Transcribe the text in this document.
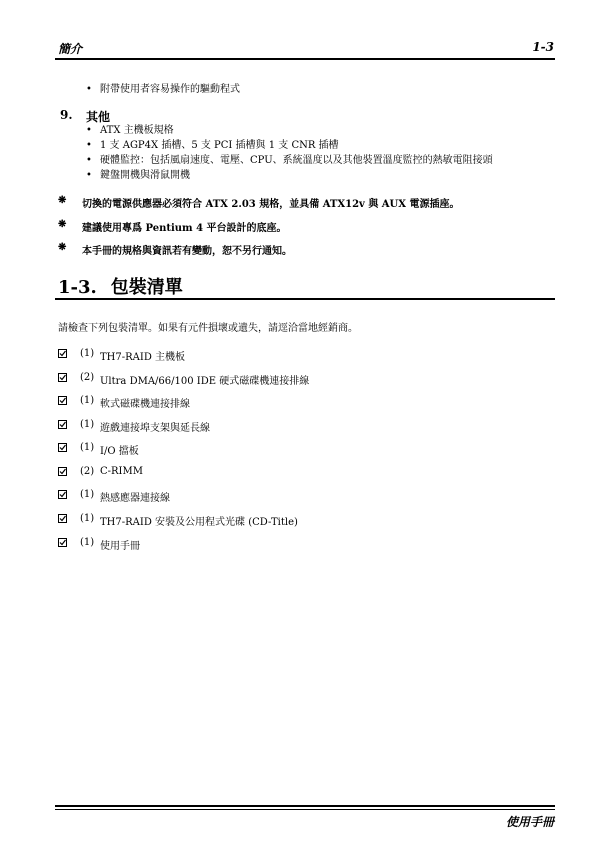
簡介	1-3
• 附帶使用者容易操作的驅動程式
9. 其他
• ATX 主機板規格
• 1 支 AGP4X 插槽、5 支 PCI 插槽與 1 支 CNR 插槽
• 硬體監控：包括風扇速度、電壓、CPU、系統溫度以及其他裝置溫度監控的熱敏電阻接頭
• 鍵盤開機與滑鼠開機
❋ 切換的電源供應器必須符合 ATX 2.03 規格，並具備 ATX12v 與 AUX 電源插座。
❋ 建議使用專爲 Pentium 4 平台設計的底座。
❋ 本手冊的規格與資訊若有變動，恕不另行通知。
1-3. 包裝清單
請檢查下列包裝清單。如果有元件損壞或遺失，請逕洽當地經銷商。
(1) TH7-RAID 主機板
(2) Ultra DMA/66/100 IDE 硬式磁碟機連接排線
(1) 軟式磁碟機連接排線
(1) 遊戲連接埠支架與延長線
(1) I/O 擋板
(2) C-RIMM
(1) 熱感應器連接線
(1) TH7-RAID 安裝及公用程式光碟 (CD-Title)
(1) 使用手冊
使用手冊
